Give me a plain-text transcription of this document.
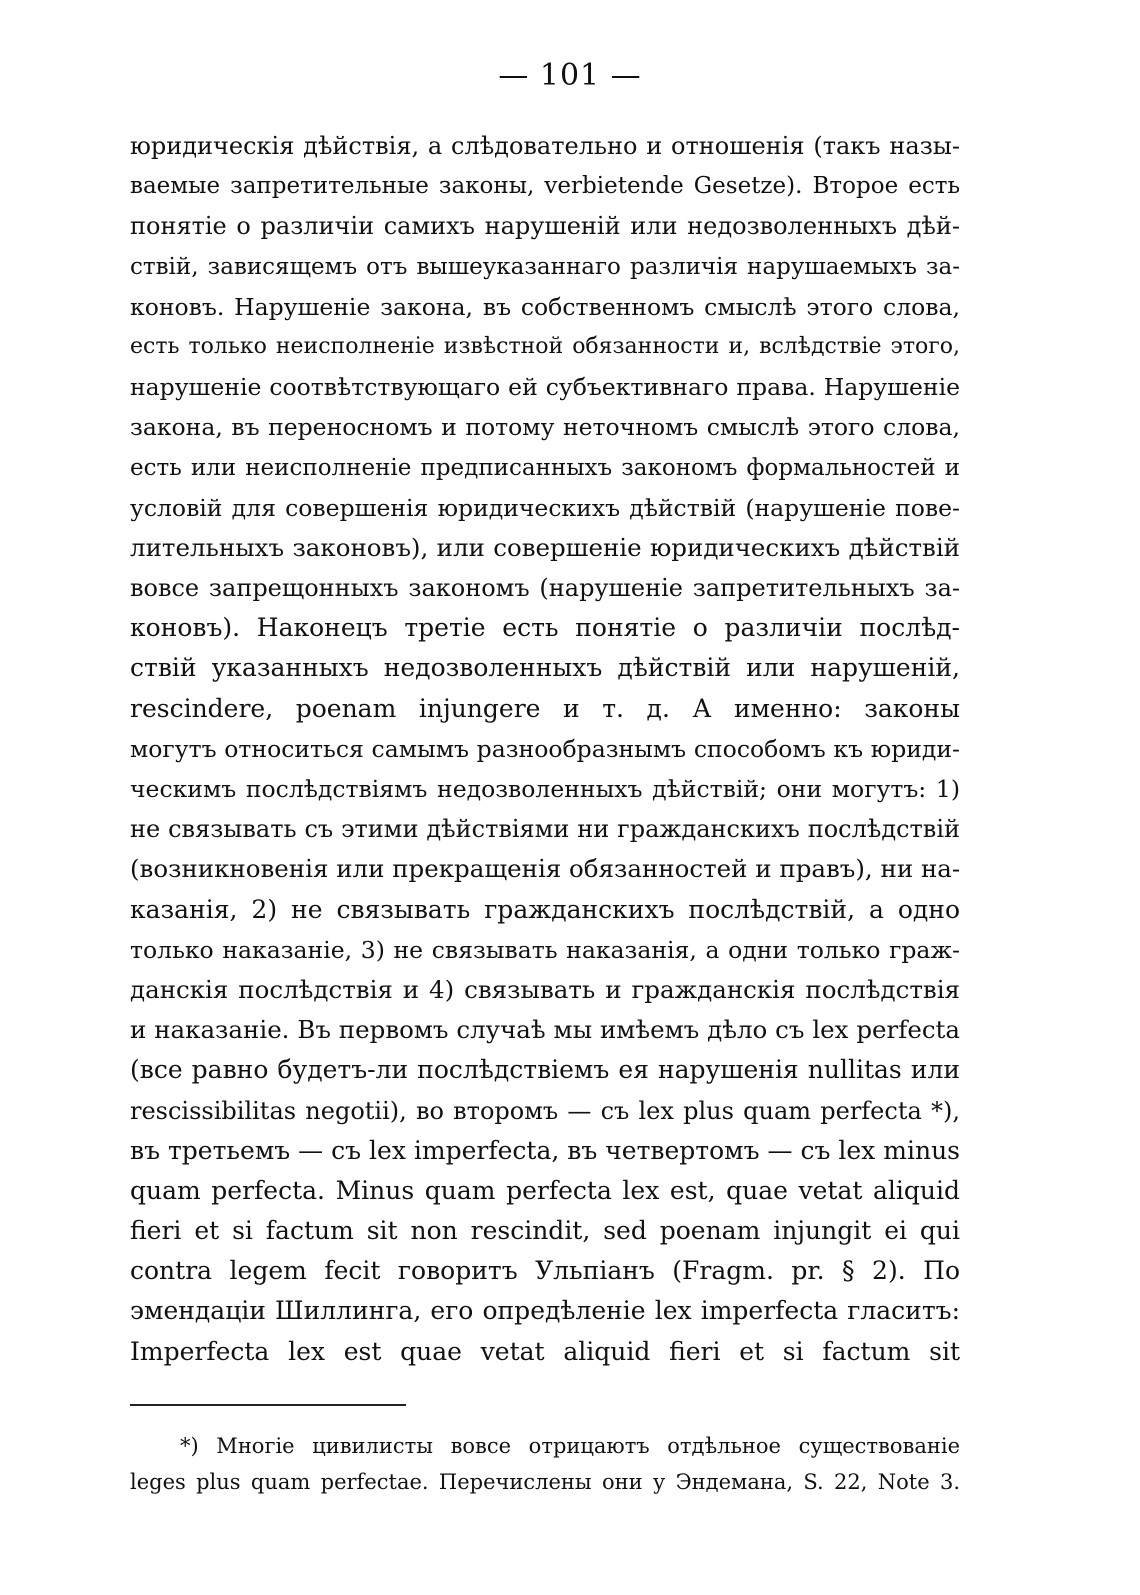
— 101 —
юридическія дѣйствія, а слѣдовательно и отношенія (такъ назы-
ваемые запретительные законы, verbietende Gesetze). Второе есть
понятіе о различіи самихъ нарушеній или недозволенныхъ дѣй-
ствій, зависящемъ отъ вышеуказаннаго различія нарушаемыхъ за-
коновъ. Нарушеніе закона, въ собственномъ смыслѣ этого слова,
есть только неисполненіе извѣстной обязанности и, вслѣдствіе этого,
нарушеніе соотвѣтствующаго ей субъективнаго права. Нарушеніе
закона, въ переносномъ и потому неточномъ смыслѣ этого слова,
есть или неисполненіе предписанныхъ закономъ формальностей и
условій для совершенія юридическихъ дѣйствій (нарушеніе пове-
лительныхъ законовъ), или совершеніе юридическихъ дѣйствій
вовсе запрещонныхъ закономъ (нарушеніе запретительныхъ за-
коновъ). Наконецъ третіе есть понятіе о различіи послѣд-
ствій указанныхъ недозволенныхъ дѣйствій или нарушеній,
rescindere, poenam injungere и т. д. А именно: законы
могутъ относиться самымъ разнообразнымъ способомъ къ юриди-
ческимъ послѣдствіямъ недозволенныхъ дѣйствій; они могутъ: 1)
не связывать съ этими дѣйствіями ни гражданскихъ послѣдствій
(возникновенія или прекращенія обязанностей и правъ), ни на-
казанія, 2) не связывать гражданскихъ послѣдствій, а одно
только наказаніе, 3) не связывать наказанія, а одни только граж-
данскія послѣдствія и 4) связывать и гражданскія послѣдствія
и наказаніе. Въ первомъ случаѣ мы имѣемъ дѣло съ lex perfecta
(все равно будетъ-ли послѣдствіемъ ея нарушенія nullitas или
rescissibilitas negotii), во второмъ — съ lex plus quam perfecta *),
въ третьемъ — съ lex imperfecta, въ четвертомъ — съ lex minus
quam perfecta. Minus quam perfecta lex est, quae vetat aliquid
fieri et si factum sit non rescindit, sed poenam injungit ei qui
contra legem fecit говоритъ Ульпіанъ (Fragm. pr. § 2). По
эмендаціи Шиллинга, его опредѣленіе lex imperfecta гласитъ:
Imperfecta lex est quae vetat aliquid fieri et si factum sit
*) Многіе цивилисты вовсе отрицаютъ отдѣльное существованіе
leges plus quam perfectae. Перечислены они у Эндемана, S. 22, Note 3.
